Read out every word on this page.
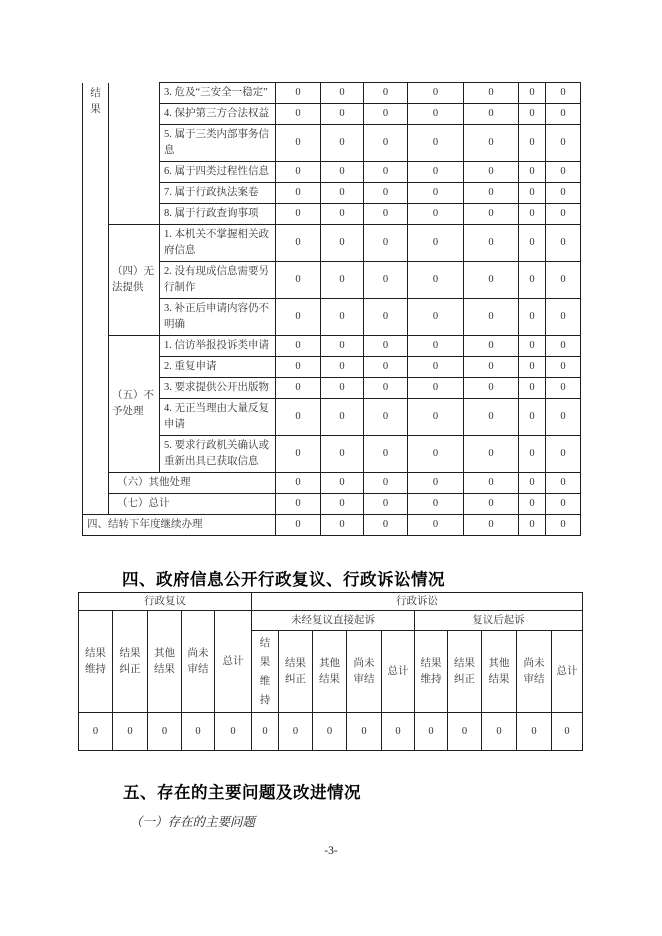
结果		3. 危及“三安全一稳定”	0	0	0	0	0	0	0
		4. 保护第三方合法权益	0	0	0	0	0	0	0
		5. 属于三类内部事务信息	0	0	0	0	0	0	0
		6. 属于四类过程性信息	0	0	0	0	0	0	0
		7. 属于行政执法案卷	0	0	0	0	0	0	0
		8. 属于行政查询事项	0	0	0	0	0	0	0
	（四）无法提供	1. 本机关不掌握相关政府信息	0	0	0	0	0	0	0
		2. 没有现成信息需要另行制作	0	0	0	0	0	0	0
		3. 补正后申请内容仍不明确	0	0	0	0	0	0	0
	（五）不予处理	1. 信访举报投诉类申请	0	0	0	0	0	0	0
		2. 重复申请	0	0	0	0	0	0	0
		3. 要求提供公开出版物	0	0	0	0	0	0	0
		4. 无正当理由大量反复申请	0	0	0	0	0	0	0
		5. 要求行政机关确认或重新出具已获取信息	0	0	0	0	0	0	0
	（六）其他处理		0	0	0	0	0	0	0
	（七）总计		0	0	0	0	0	0	0
四、结转下年度继续办理			0	0	0	0	0	0	0
四、政府信息公开行政复议、行政诉讼情况
行政复议					行政诉讼									
结果维持	结果纠正	其他结果	尚未审结	总计	未经复议直接起诉					复议后起诉				
					结果维持	结果纠正	其他结果	尚未审结	总计	结果维持	结果纠正	其他结果	尚未审结	总计
0	0	0	0	0	0	0	0	0	0	0	0	0	0	0
五、存在的主要问题及改进情况
（一）存在的主要问题
-3-
